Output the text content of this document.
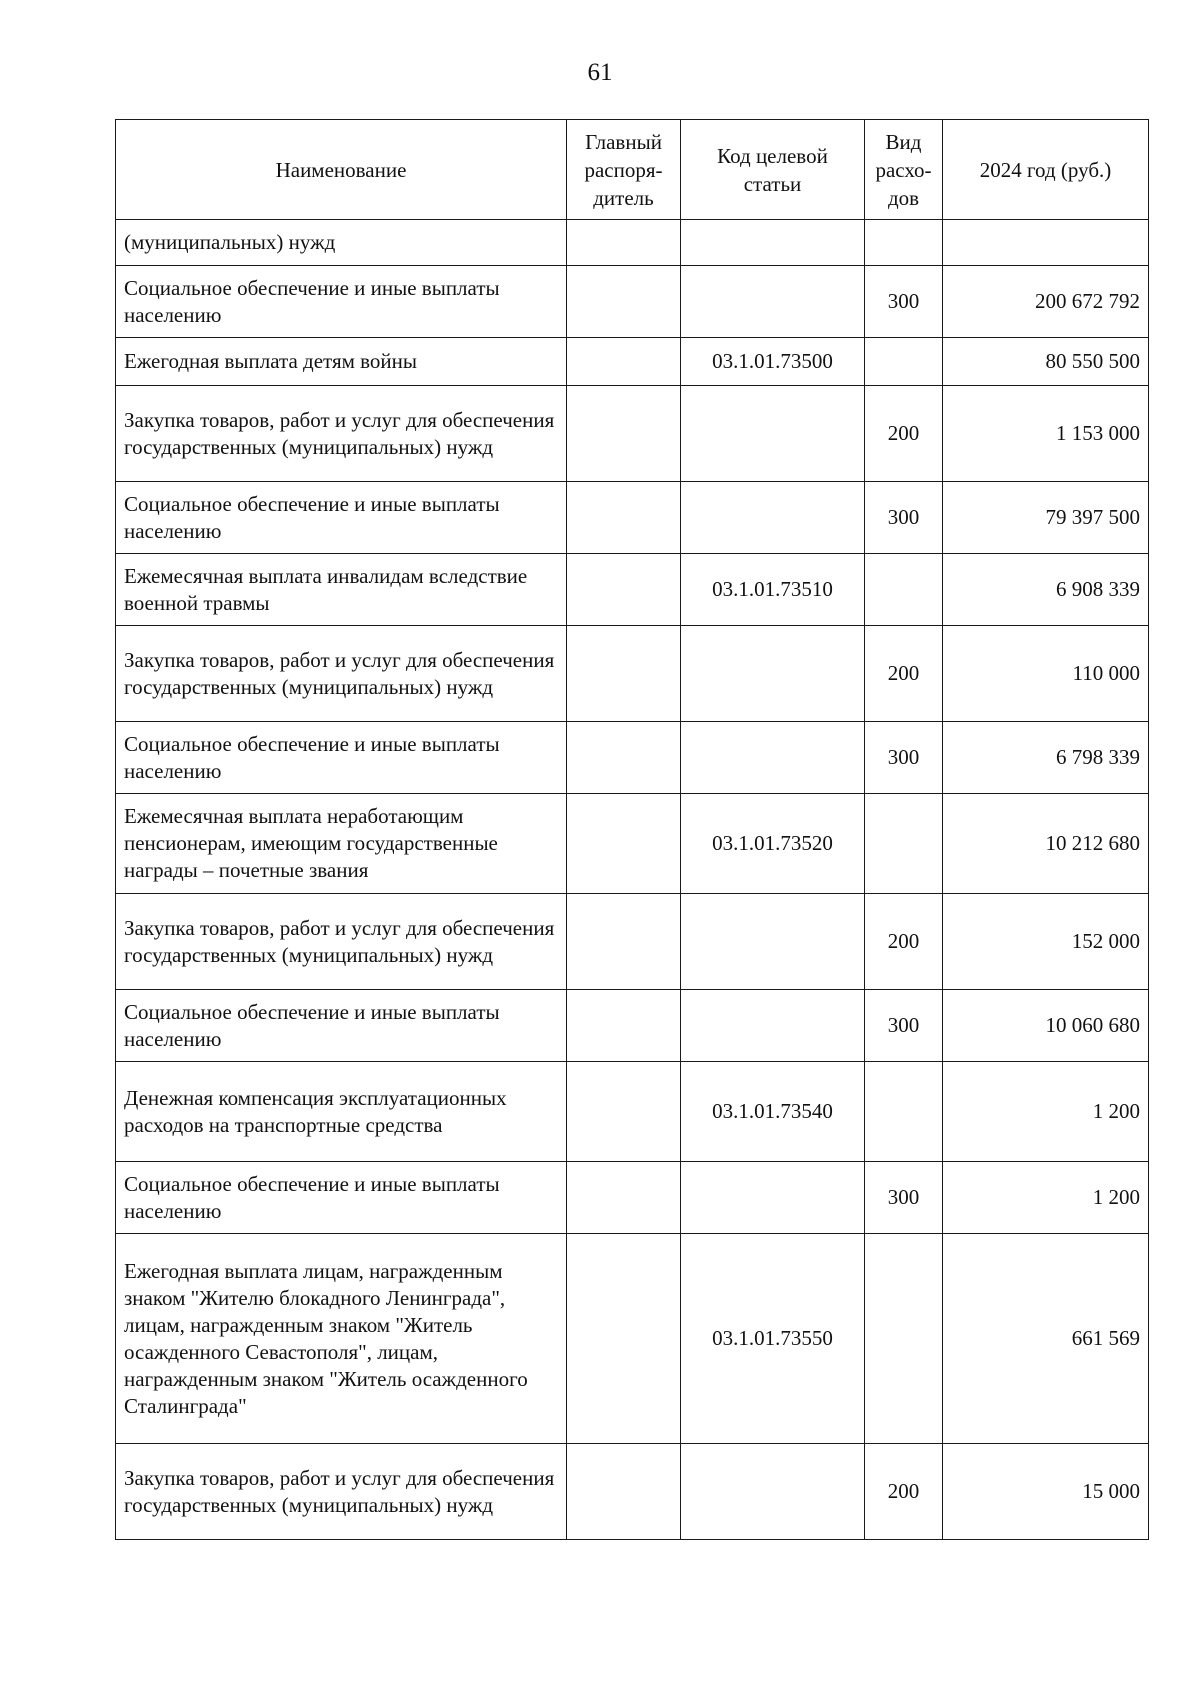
61
Наименование	Главный распоря-дитель	Код целевой статьи	Вид расхо-дов	2024 год (руб.)
(муниципальных) нужд				
Социальное обеспечение и иные выплаты населению			300	200 672 792
Ежегодная выплата детям войны		03.1.01.73500		80 550 500
Закупка товаров, работ и услуг для обеспечения государственных (муниципальных) нужд			200	1 153 000
Социальное обеспечение и иные выплаты населению			300	79 397 500
Ежемесячная выплата инвалидам вследствие военной травмы		03.1.01.73510		6 908 339
Закупка товаров, работ и услуг для обеспечения государственных (муниципальных) нужд			200	110 000
Социальное обеспечение и иные выплаты населению			300	6 798 339
Ежемесячная выплата неработающим пенсионерам, имеющим государственные награды – почетные звания		03.1.01.73520		10 212 680
Закупка товаров, работ и услуг для обеспечения государственных (муниципальных) нужд			200	152 000
Социальное обеспечение и иные выплаты населению			300	10 060 680
Денежная компенсация эксплуатационных расходов на транспортные средства		03.1.01.73540		1 200
Социальное обеспечение и иные выплаты населению			300	1 200
Ежегодная выплата лицам, награжденным знаком "Жителю блокадного Ленинграда", лицам, награжденным знаком "Житель осажденного Севастополя", лицам, награжденным знаком "Житель осажденного Сталинграда"		03.1.01.73550		661 569
Закупка товаров, работ и услуг для обеспечения государственных (муниципальных) нужд			200	15 000
